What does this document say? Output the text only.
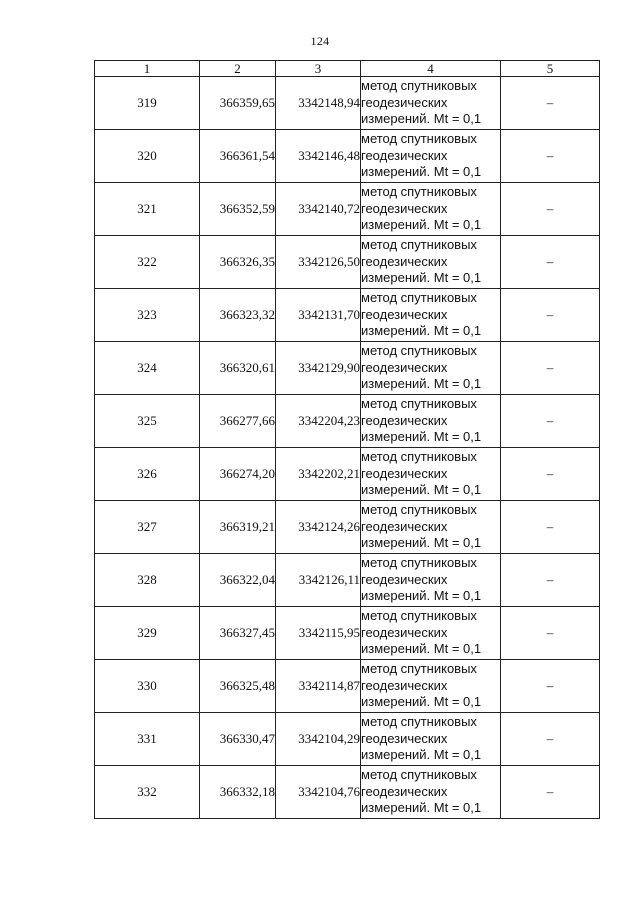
124
1	2	3	4	5
319	366359,65	3342148,94	метод спутниковых
геодезических
измерений. Mt = 0,1	–
320	366361,54	3342146,48	метод спутниковых
геодезических
измерений. Mt = 0,1	–
321	366352,59	3342140,72	метод спутниковых
геодезических
измерений. Mt = 0,1	–
322	366326,35	3342126,50	метод спутниковых
геодезических
измерений. Mt = 0,1	–
323	366323,32	3342131,70	метод спутниковых
геодезических
измерений. Mt = 0,1	–
324	366320,61	3342129,90	метод спутниковых
геодезических
измерений. Mt = 0,1	–
325	366277,66	3342204,23	метод спутниковых
геодезических
измерений. Mt = 0,1	–
326	366274,20	3342202,21	метод спутниковых
геодезических
измерений. Mt = 0,1	–
327	366319,21	3342124,26	метод спутниковых
геодезических
измерений. Mt = 0,1	–
328	366322,04	3342126,11	метод спутниковых
геодезических
измерений. Mt = 0,1	–
329	366327,45	3342115,95	метод спутниковых
геодезических
измерений. Mt = 0,1	–
330	366325,48	3342114,87	метод спутниковых
геодезических
измерений. Mt = 0,1	–
331	366330,47	3342104,29	метод спутниковых
геодезических
измерений. Mt = 0,1	–
332	366332,18	3342104,76	метод спутниковых
геодезических
измерений. Mt = 0,1	–
